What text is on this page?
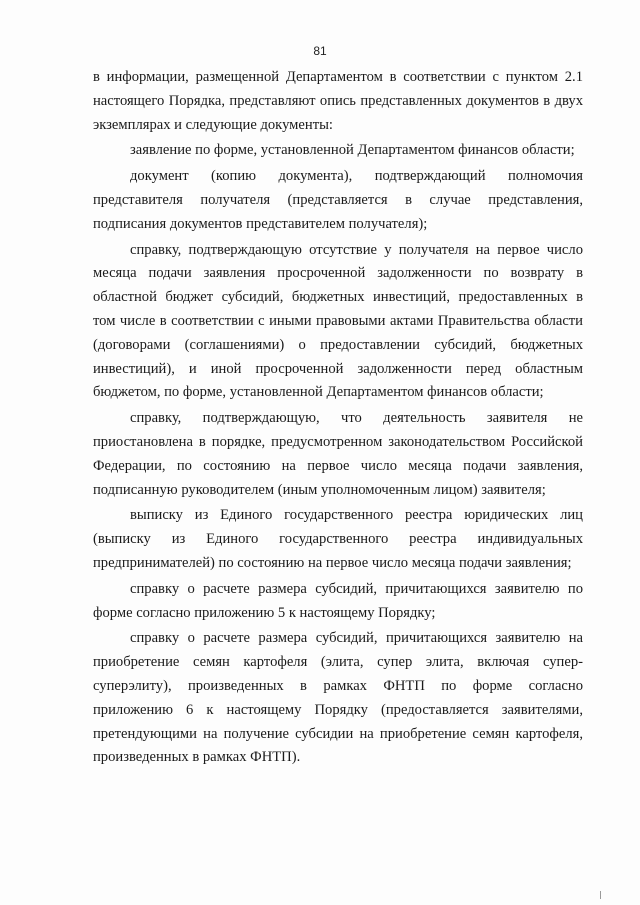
81
в информации, размещенной Департаментом в соответствии с пунктом 2.1
настоящего Порядка, представляют опись представленных документов в двух
экземплярах и следующие документы:
заявление по форме, установленной Департаментом финансов области;
документ (копию документа), подтверждающий полномочия
представителя получателя (представляется в случае представления,
подписания документов представителем получателя);
справку, подтверждающую отсутствие у получателя на первое число
месяца подачи заявления просроченной задолженности по возврату в
областной бюджет субсидий, бюджетных инвестиций, предоставленных в
том числе в соответствии с иными правовыми актами Правительства области
(договорами (соглашениями) о предоставлении субсидий, бюджетных
инвестиций), и иной просроченной задолженности перед областным
бюджетом, по форме, установленной Департаментом финансов области;
справку, подтверждающую, что деятельность заявителя не
приостановлена в порядке, предусмотренном законодательством Российской
Федерации, по состоянию на первое число месяца подачи заявления,
подписанную руководителем (иным уполномоченным лицом) заявителя;
выписку из Единого государственного реестра юридических лиц
(выписку из Единого государственного реестра индивидуальных
предпринимателей) по состоянию на первое число месяца подачи заявления;
справку о расчете размера субсидий, причитающихся заявителю по
форме согласно приложению 5 к настоящему Порядку;
справку о расчете размера субсидий, причитающихся заявителю на
приобретение семян картофеля (элита, супер элита, включая супер-
суперэлиту), произведенных в рамках ФНТП по форме согласно
приложению 6 к настоящему Порядку (предоставляется заявителями,
претендующими на получение субсидии на приобретение семян картофеля,
произведенных в рамках ФНТП).
